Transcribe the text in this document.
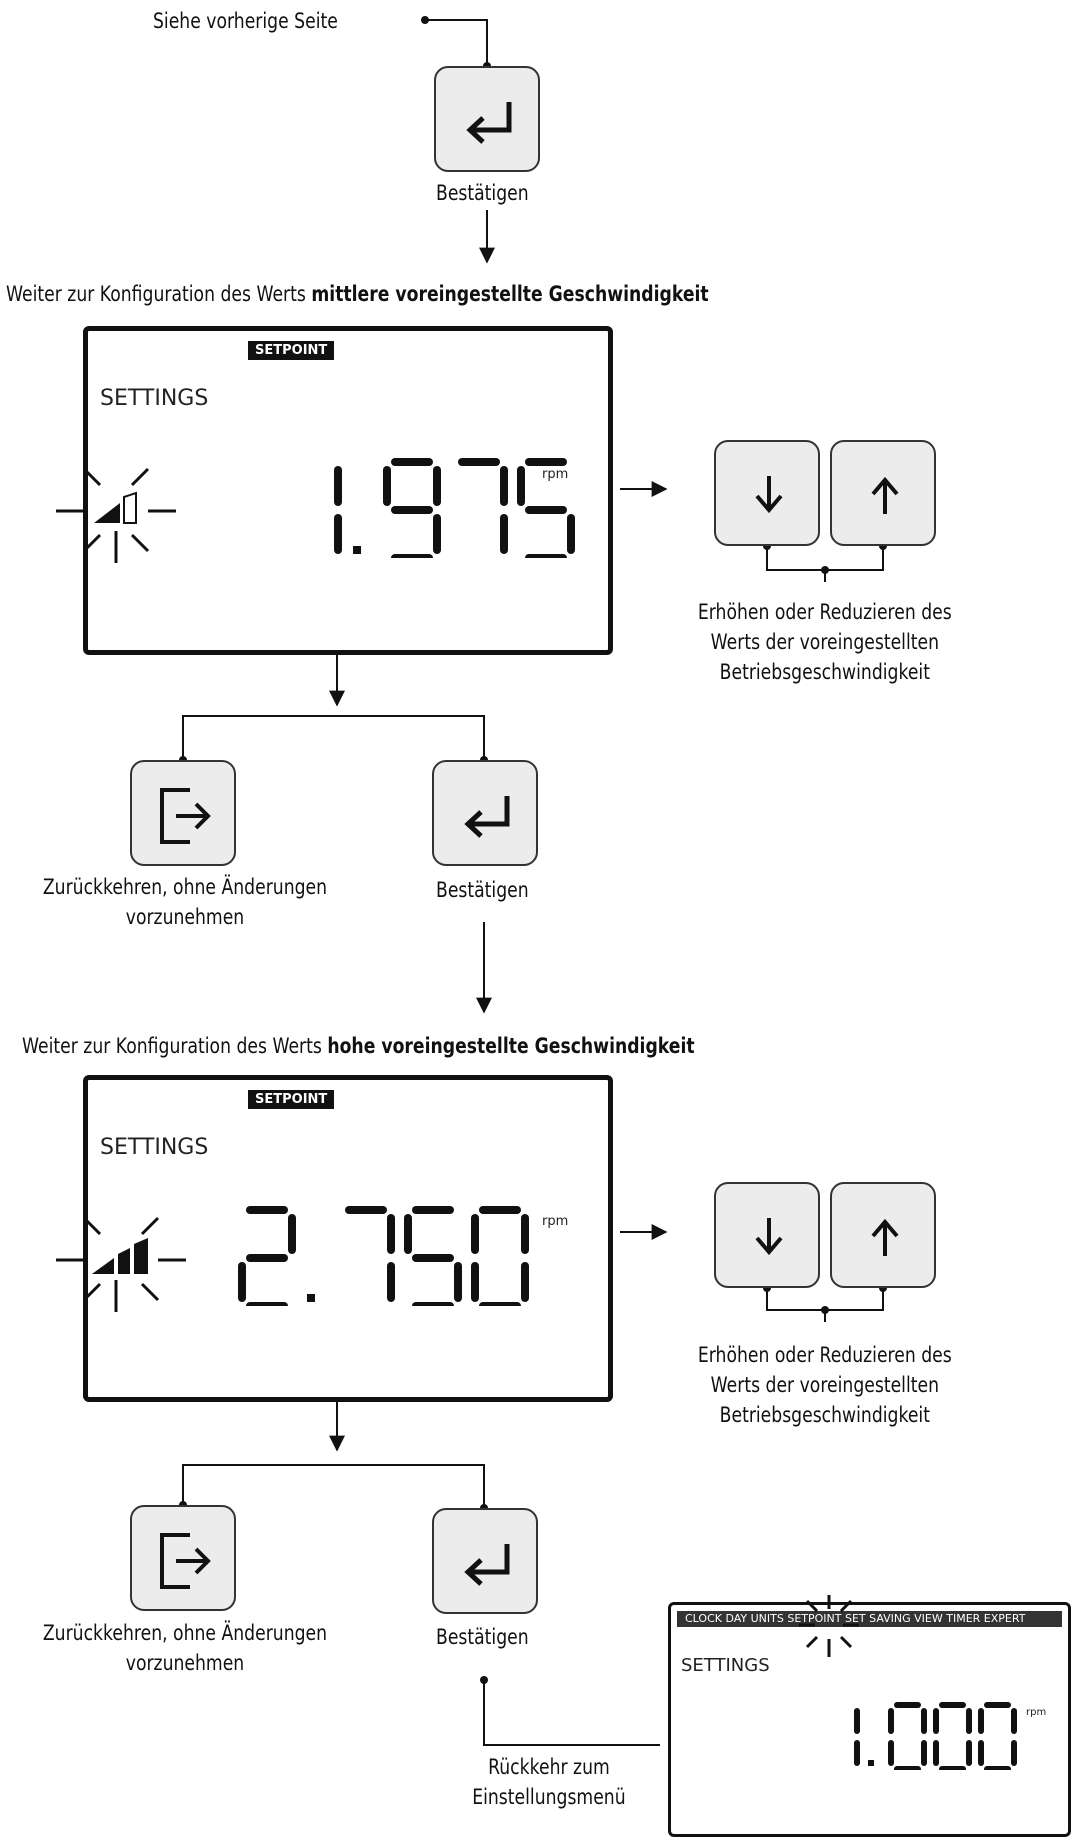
Siehe vorherige Seite
Bestätigen
Weiter zur Konfiguration des Werts mittlere voreingestellte Geschwindigkeit
SETPOINT
SETTINGS
rpm
Erhöhen oder Reduzieren des
Werts der voreingestellten
Betriebsgeschwindigkeit
Zurückkehren, ohne Änderungen
vorzunehmen
Bestätigen
Weiter zur Konfiguration des Werts hohe voreingestellte Geschwindigkeit
SETPOINT
SETTINGS
rpm
Erhöhen oder Reduzieren des
Werts der voreingestellten
Betriebsgeschwindigkeit
Zurückkehren, ohne Änderungen
vorzunehmen
Bestätigen
CLOCK DAY UNITS SETPOINT SET SAVING VIEW TIMER EXPERT
SETTINGS
rpm
Rückkehr zum
Einstellungsmenü
